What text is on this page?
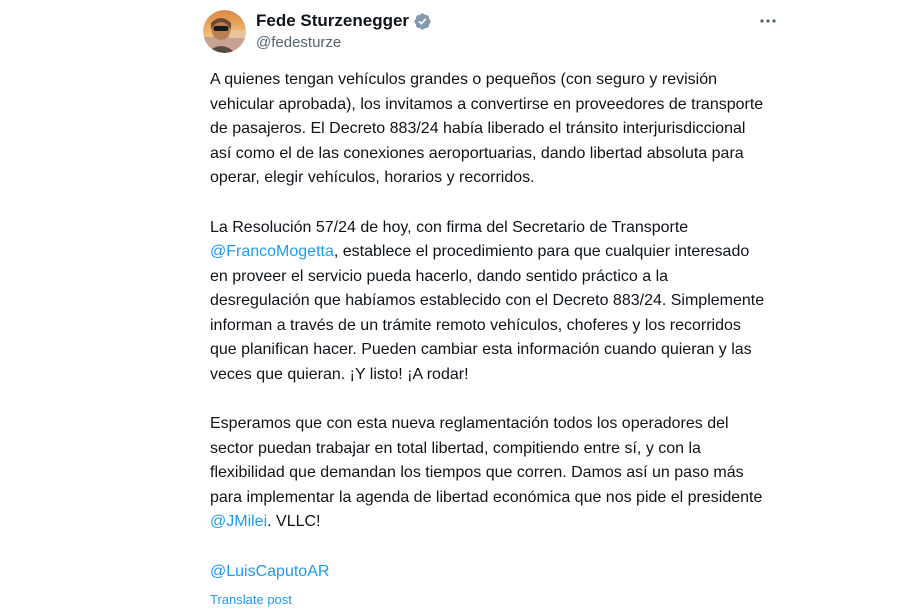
Fede Sturzenegger
@fedesturze

A quienes tengan vehículos grandes o pequeños (con seguro y revisión vehicular aprobada), los invitamos a convertirse en proveedores de transporte de pasajeros. El Decreto 883/24 había liberado el tránsito interjurisdiccional así como el de las conexiones aeroportuarias, dando libertad absoluta para operar, elegir vehículos, horarios y recorridos.

La Resolución 57/24 de hoy, con firma del Secretario de Transporte @FrancoMogetta, establece el procedimiento para que cualquier interesado en proveer el servicio pueda hacerlo, dando sentido práctico a la desregulación que habíamos establecido con el Decreto 883/24. Simplemente informan a través de un trámite remoto vehículos, choferes y los recorridos que planifican hacer. Pueden cambiar esta información cuando quieran y las veces que quieran. ¡Y listo! ¡A rodar!

Esperamos que con esta nueva reglamentación todos los operadores del sector puedan trabajar en total libertad, compitiendo entre sí, y con la flexibilidad que demandan los tiempos que corren. Damos así un paso más para implementar la agenda de libertad económica que nos pide el presidente @JMilei. VLLC!

@LuisCaputoAR

Translate post
